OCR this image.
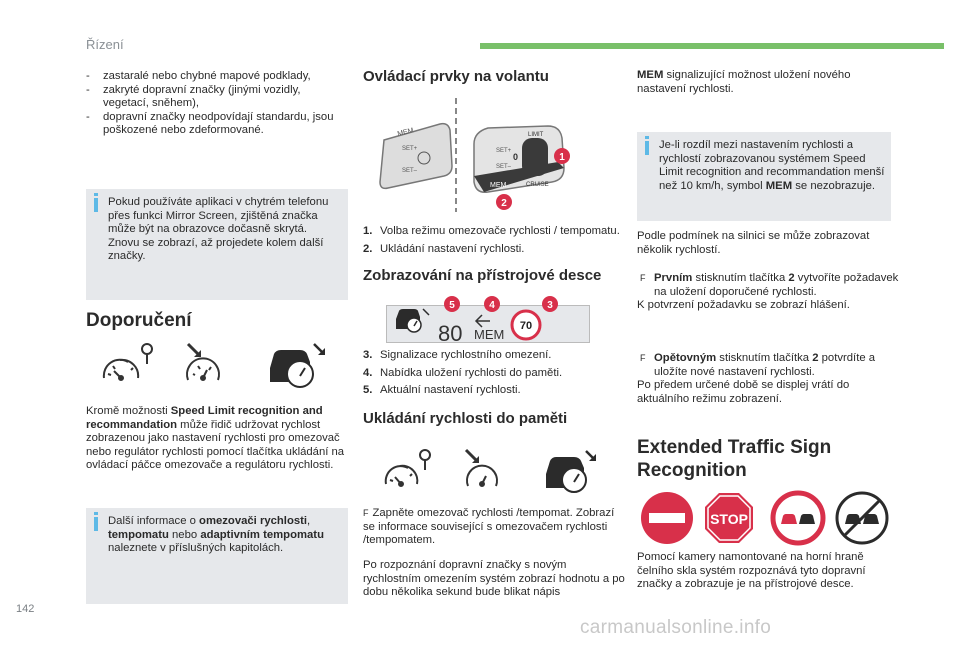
Řízení
- zastaralé nebo chybné mapové podklady,
- zakryté dopravní značky (jinými vozidly, vegetací, sněhem),
- dopravní značky neodpovídají standardu, jsou poškozené nebo zdeformované.
Pokud používáte aplikaci v chytrém telefonu přes funkci Mirror Screen, zjištěná značka může být na obrazovce dočasně skrytá. Znovu se zobrazí, až projedete kolem další značky.
Doporučení
Kromě možnosti Speed Limit recognition and recommandation může řidič udržovat rychlost zobrazenou jako nastavení rychlosti pro omezovač nebo regulátor rychlosti pomocí tlačítka ukládání na ovládací páčce omezovače a regulátoru rychlosti.
Další informace o omezovači rychlosti, tempomatu nebo adaptivním tempomatu naleznete v příslušných kapitolách.
Ovládací prvky na volantu
MEM
SET+
SET–
MEM
SET+
SET–
LIMIT
0
CRUISE
1
2
1. Volba režimu omezovače rychlosti / tempomatu.
2. Ukládání nastavení rychlosti.
Zobrazování na přístrojové desce
80 MEM
70
5	4	3
3. Signalizace rychlostního omezení.
4. Nabídka uložení rychlosti do paměti.
5. Aktuální nastavení rychlosti.
Ukládání rychlosti do paměti
F Zapněte omezovač rychlosti /tempomat. Zobrazí se informace související s omezovačem rychlosti /tempomatem.
Po rozpoznání dopravní značky s novým rychlostním omezením systém zobrazí hodnotu a po dobu několika sekund bude blikat nápis
MEM signalizující možnost uložení nového nastavení rychlosti.
Je-li rozdíl mezi nastavením rychlosti a rychlostí zobrazovanou systémem Speed Limit recognition and recommandation menší než 10 km/h, symbol MEM se nezobrazuje.
Podle podmínek na silnici se může zobrazovat několik rychlostí.
F Prvním stisknutím tlačítka 2 vytvoříte požadavek na uložení doporučené rychlosti.
K potvrzení požadavku se zobrazí hlášení.
F Opětovným stisknutím tlačítka 2 potvrdíte a uložíte nové nastavení rychlosti.
Po předem určené době se displej vrátí do aktuálního režimu zobrazení.
Extended Traffic Sign Recognition
STOP
Pomocí kamery namontované na horní hraně čelního skla systém rozpoznává tyto dopravní značky a zobrazuje je na přístrojové desce.
142
carmanualsonline.info
